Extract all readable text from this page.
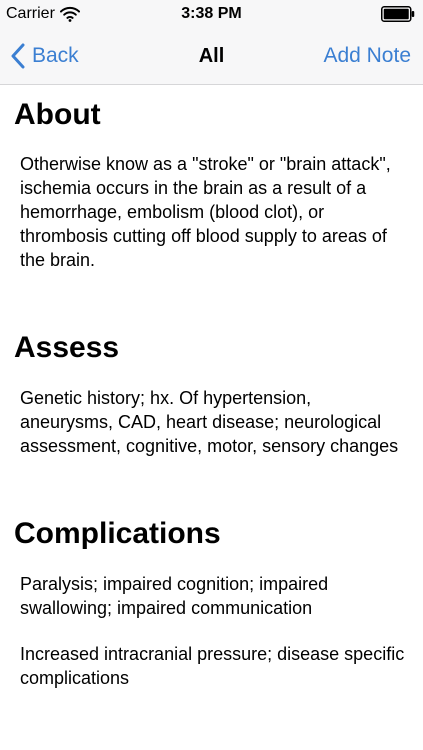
Carrier	3:38 PM
Back	All	Add Note
About

Otherwise know as a "stroke" or "brain attack", ischemia occurs in the brain as a result of a hemorrhage, embolism (blood clot), or thrombosis cutting off blood supply to areas of the brain.

Assess

Genetic history; hx. Of hypertension, aneurysms, CAD, heart disease; neurological assessment, cognitive, motor, sensory changes

Complications

Paralysis; impaired cognition; impaired swallowing; impaired communication

Increased intracranial pressure; disease specific complications
